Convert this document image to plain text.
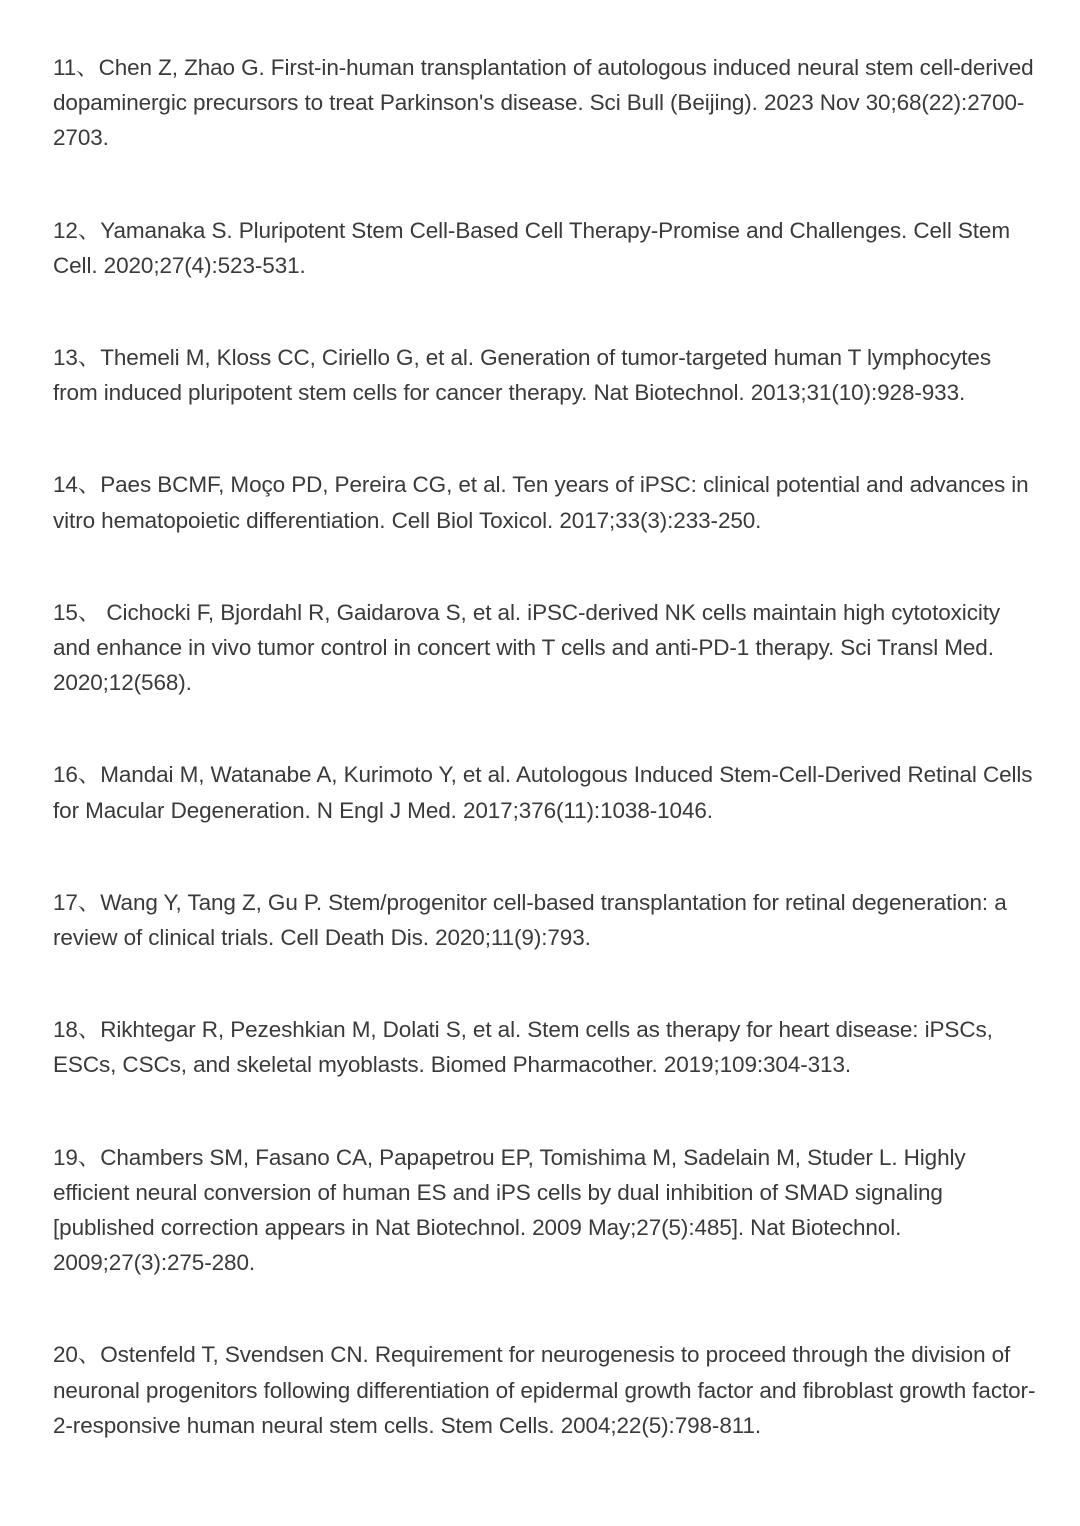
11、Chen Z, Zhao G. First-in-human transplantation of autologous induced neural stem cell-derived dopaminergic precursors to treat Parkinson's disease. Sci Bull (Beijing). 2023 Nov 30;68(22):2700-2703.

12、Yamanaka S. Pluripotent Stem Cell-Based Cell Therapy-Promise and Challenges. Cell Stem Cell. 2020;27(4):523-531.

13、Themeli M, Kloss CC, Ciriello G, et al. Generation of tumor-targeted human T lymphocytes from induced pluripotent stem cells for cancer therapy. Nat Biotechnol. 2013;31(10):928-933.

14、Paes BCMF, Moço PD, Pereira CG, et al. Ten years of iPSC: clinical potential and advances in vitro hematopoietic differentiation. Cell Biol Toxicol. 2017;33(3):233-250.

15、 Cichocki F, Bjordahl R, Gaidarova S, et al. iPSC-derived NK cells maintain high cytotoxicity and enhance in vivo tumor control in concert with T cells and anti-PD-1 therapy. Sci Transl Med. 2020;12(568).

16、Mandai M, Watanabe A, Kurimoto Y, et al. Autologous Induced Stem-Cell-Derived Retinal Cells for Macular Degeneration. N Engl J Med. 2017;376(11):1038-1046.

17、Wang Y, Tang Z, Gu P. Stem/progenitor cell-based transplantation for retinal degeneration: a review of clinical trials. Cell Death Dis. 2020;11(9):793.

18、Rikhtegar R, Pezeshkian M, Dolati S, et al. Stem cells as therapy for heart disease: iPSCs, ESCs, CSCs, and skeletal myoblasts. Biomed Pharmacother. 2019;109:304-313.

19、Chambers SM, Fasano CA, Papapetrou EP, Tomishima M, Sadelain M, Studer L. Highly efficient neural conversion of human ES and iPS cells by dual inhibition of SMAD signaling [published correction appears in Nat Biotechnol. 2009 May;27(5):485]. Nat Biotechnol. 2009;27(3):275-280.

20、Ostenfeld T, Svendsen CN. Requirement for neurogenesis to proceed through the division of neuronal progenitors following differentiation of epidermal growth factor and fibroblast growth factor-2-responsive human neural stem cells. Stem Cells. 2004;22(5):798-811.
